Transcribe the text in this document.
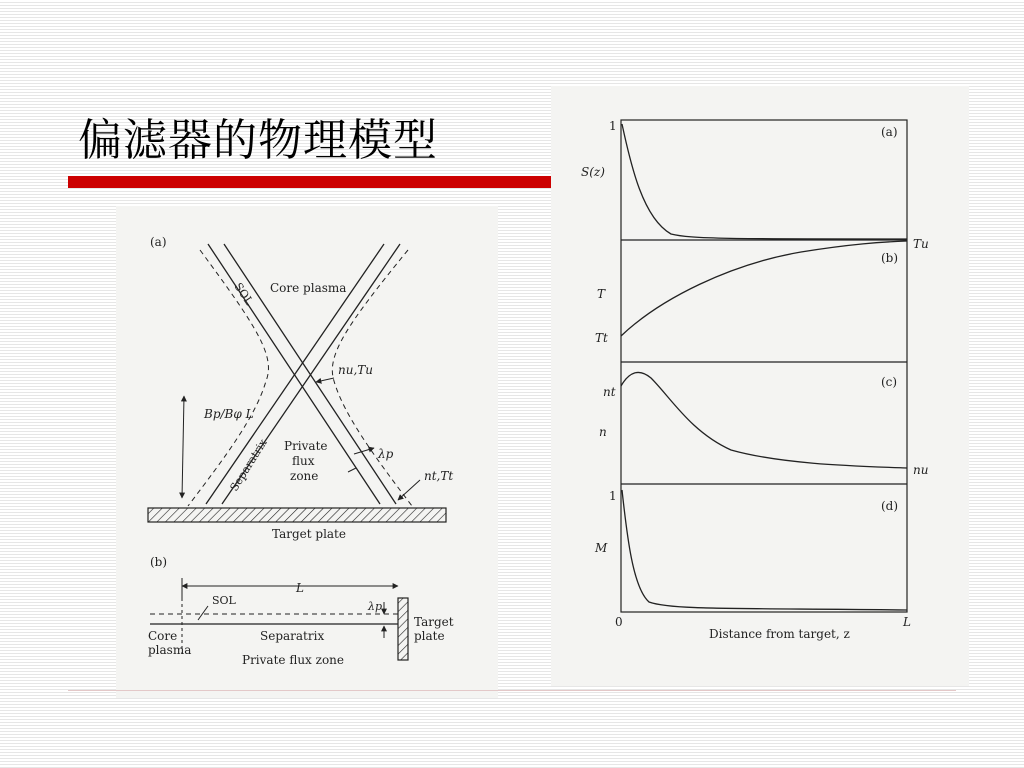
偏滤器的物理模型
(a)
Core plasma
SOL
nu,Tu
Bp/Bφ L
Private
flux
zone
Separatrix	λp
nt,Tt
Target plate
(b)
L
SOL	λp
Target
plate
Core
plasma
Separatrix
Private flux zone
(a)
S(z)
1
(b)
T
Tt
Tu
(c)
n
nt
nu
(d)
M
1
0	L
Distance from target, z
